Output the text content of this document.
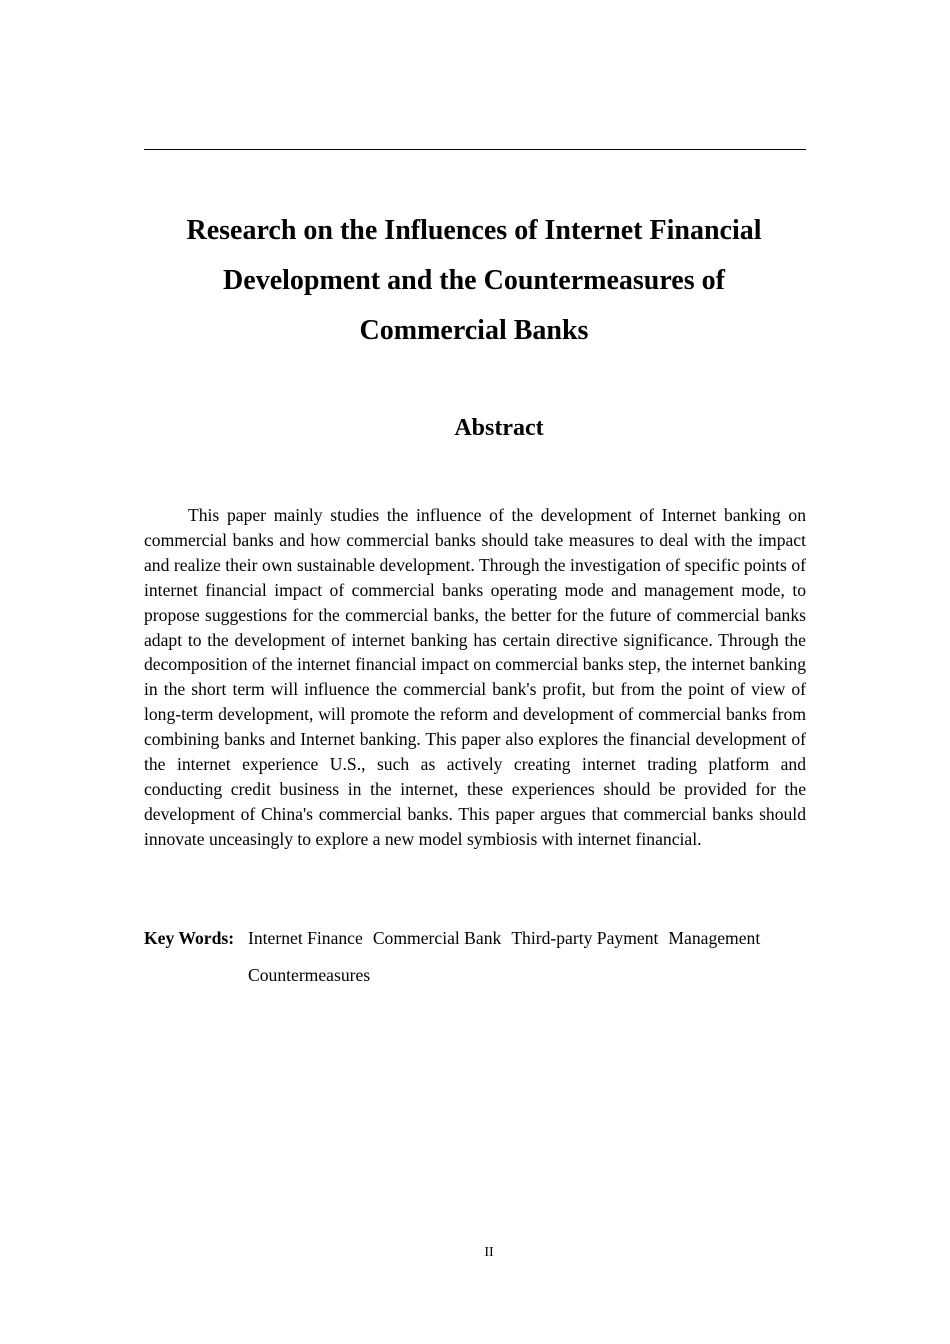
Research on the Influences of Internet Financial
Development and the Countermeasures of
Commercial Banks
Abstract

This paper mainly studies the influence of the development of Internet banking on commercial banks and how commercial banks should take measures to deal with the impact and realize their own sustainable development. Through the investigation of specific points of internet financial impact of commercial banks operating mode and management mode, to propose suggestions for the commercial banks, the better for the future of commercial banks adapt to the development of internet banking has certain directive significance. Through the decomposition of the internet financial impact on commercial banks step, the internet banking in the short term will influence the commercial bank's profit, but from the point of view of long-term development, will promote the reform and development of commercial banks from combining banks and Internet banking. This paper also explores the financial development of the internet experience U.S., such as actively creating internet trading platform and conducting credit business in the internet, these experiences should be provided for the development of China's commercial banks. This paper argues that commercial banks should innovate unceasingly to explore a new model symbiosis with internet financial.

Key Words: Internet Finance Commercial Bank Third-party Payment Management
Countermeasures
II
